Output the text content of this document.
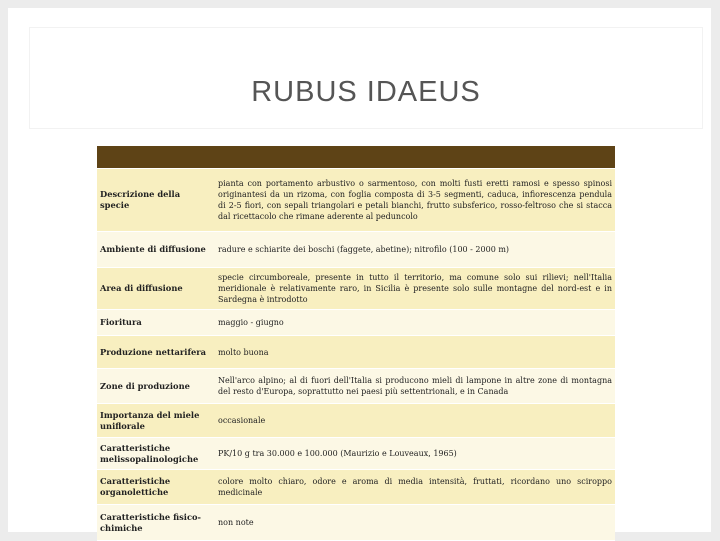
RUBUS IDAEUS

Descrizione della specie	pianta con portamento arbustivo o sarmentoso, con molti fusti eretti ramosi e spesso spinosi originantesi da un rizoma, con foglia composta di 3-5 segmenti, caduca, infiorescenza pendula di 2-5 fiori, con sepali triangolari e petali bianchi, frutto subsferico, rosso-feltroso che si stacca dal ricettacolo che rimane aderente al peduncolo
Ambiente di diffusione	radure e schiarite dei boschi (faggete, abetine); nitrofilo (100 - 2000 m)
Area di diffusione	specie circumboreale, presente in tutto il territorio, ma comune solo sui rilievi; nell'Italia meridionale è relativamente raro, in Sicilia è presente solo sulle montagne del nord-est e in Sardegna è introdotto
Fioritura	maggio - giugno
Produzione nettarifera	molto buona
Zone di produzione	Nell'arco alpino; al di fuori dell'Italia si producono mieli di lampone in altre zone di montagna del resto d'Europa, soprattutto nei paesi più settentrionali, e in Canada
Importanza del miele uniflorale	occasionale
Caratteristiche melissopalinologiche	PK/10 g tra 30.000 e 100.000 (Maurizio e Louveaux, 1965)
Caratteristiche organolettiche	colore molto chiaro, odore e aroma di media intensità, fruttati, ricordano uno sciroppo medicinale
Caratteristiche fisico-chimiche	non note
